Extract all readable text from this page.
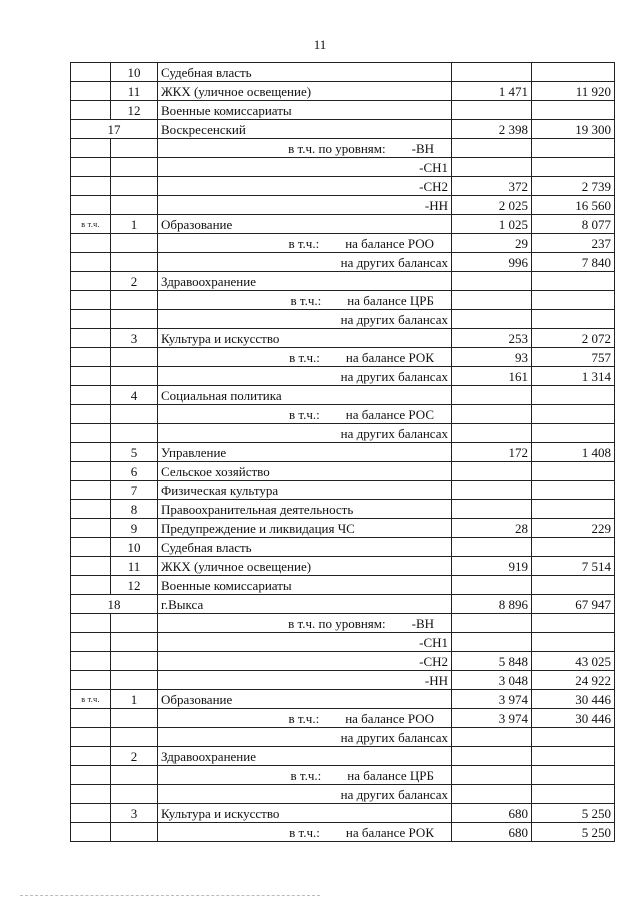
11
	10	Судебная власть		
	11	ЖКХ (уличное освещение)	1 471	11 920
	12	Военные комиссариаты		
17		Воскресенский	2 398	19 300

		в т.ч. по уровням: -ВН		

		-СН1		
		-СН2	372	2 739
		-НН	2 025	16 560
в т.ч.	1	Образование	1 025	8 077

		в т.ч.: на балансе РОО	29	237
		на других балансах	996	7 840
	2	Здравоохранение		

		в т.ч.: на балансе ЦРБ		

		на других балансах		
	3	Культура и искусство	253	2 072

		в т.ч.: на балансе РОК	93	757
		на других балансах	161	1 314
	4	Социальная политика		

		в т.ч.: на балансе РОС		

		на других балансах		
	5	Управление	172	1 408
	6	Сельское хозяйство		
	7	Физическая культура		
	8	Правоохранительная деятельность		
	9	Предупреждение и ликвидация ЧС	28	229
	10	Судебная власть		
	11	ЖКХ (уличное освещение)	919	7 514
	12	Военные комиссариаты		
18		г.Выкса	8 896	67 947

		в т.ч. по уровням: -ВН		

		-СН1		
		-СН2	5 848	43 025
		-НН	3 048	24 922
в т.ч.	1	Образование	3 974	30 446

		в т.ч.: на балансе РОО	3 974	30 446
		на других балансах		
	2	Здравоохранение		

		в т.ч.: на балансе ЦРБ		

		на других балансах		
	3	Культура и искусство	680	5 250

		в т.ч.: на балансе РОК	680	5 250
